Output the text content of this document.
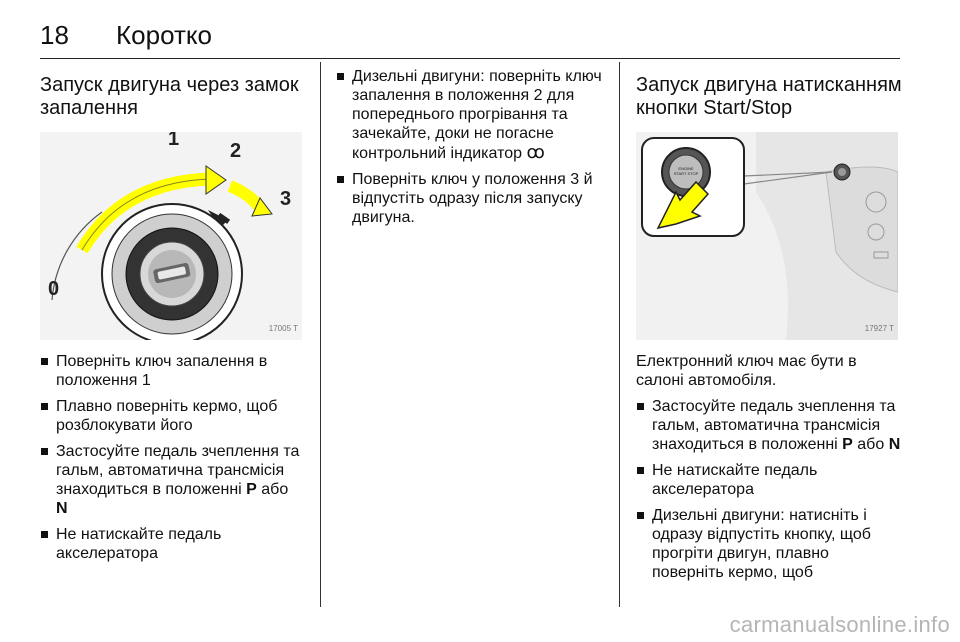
18 Коротко
Запуск двигуна через замок запалення
0
1
2
3
17005 T
Поверніть ключ запалення в положення 1
Плавно поверніть кермо, щоб розблокувати його
Застосуйте педаль зчеплення та гальм, автоматична трансмісія знаходиться в положенні P або N
Не натискайте педаль акселератора
Дизельні двигуни: поверніть ключ запалення в положення 2 для попереднього прогрівання та зачекайте, доки не погасне контрольний індикатор ꝏ
Поверніть ключ у положення 3 й відпустіть одразу після запуску двигуна.
Запуск двигуна натисканням кнопки Start/Stop
ENGINE START STOP
17927 T
Електронний ключ має бути в салоні автомобіля.
Застосуйте педаль зчеплення та гальм, автоматична трансмісія знаходиться в положенні P або N
Не натискайте педаль акселератора
Дизельні двигуни: натисніть і одразу відпустіть кнопку, щоб прогріти двигун, плавно поверніть кермо, щоб
carmanualsonline.info
